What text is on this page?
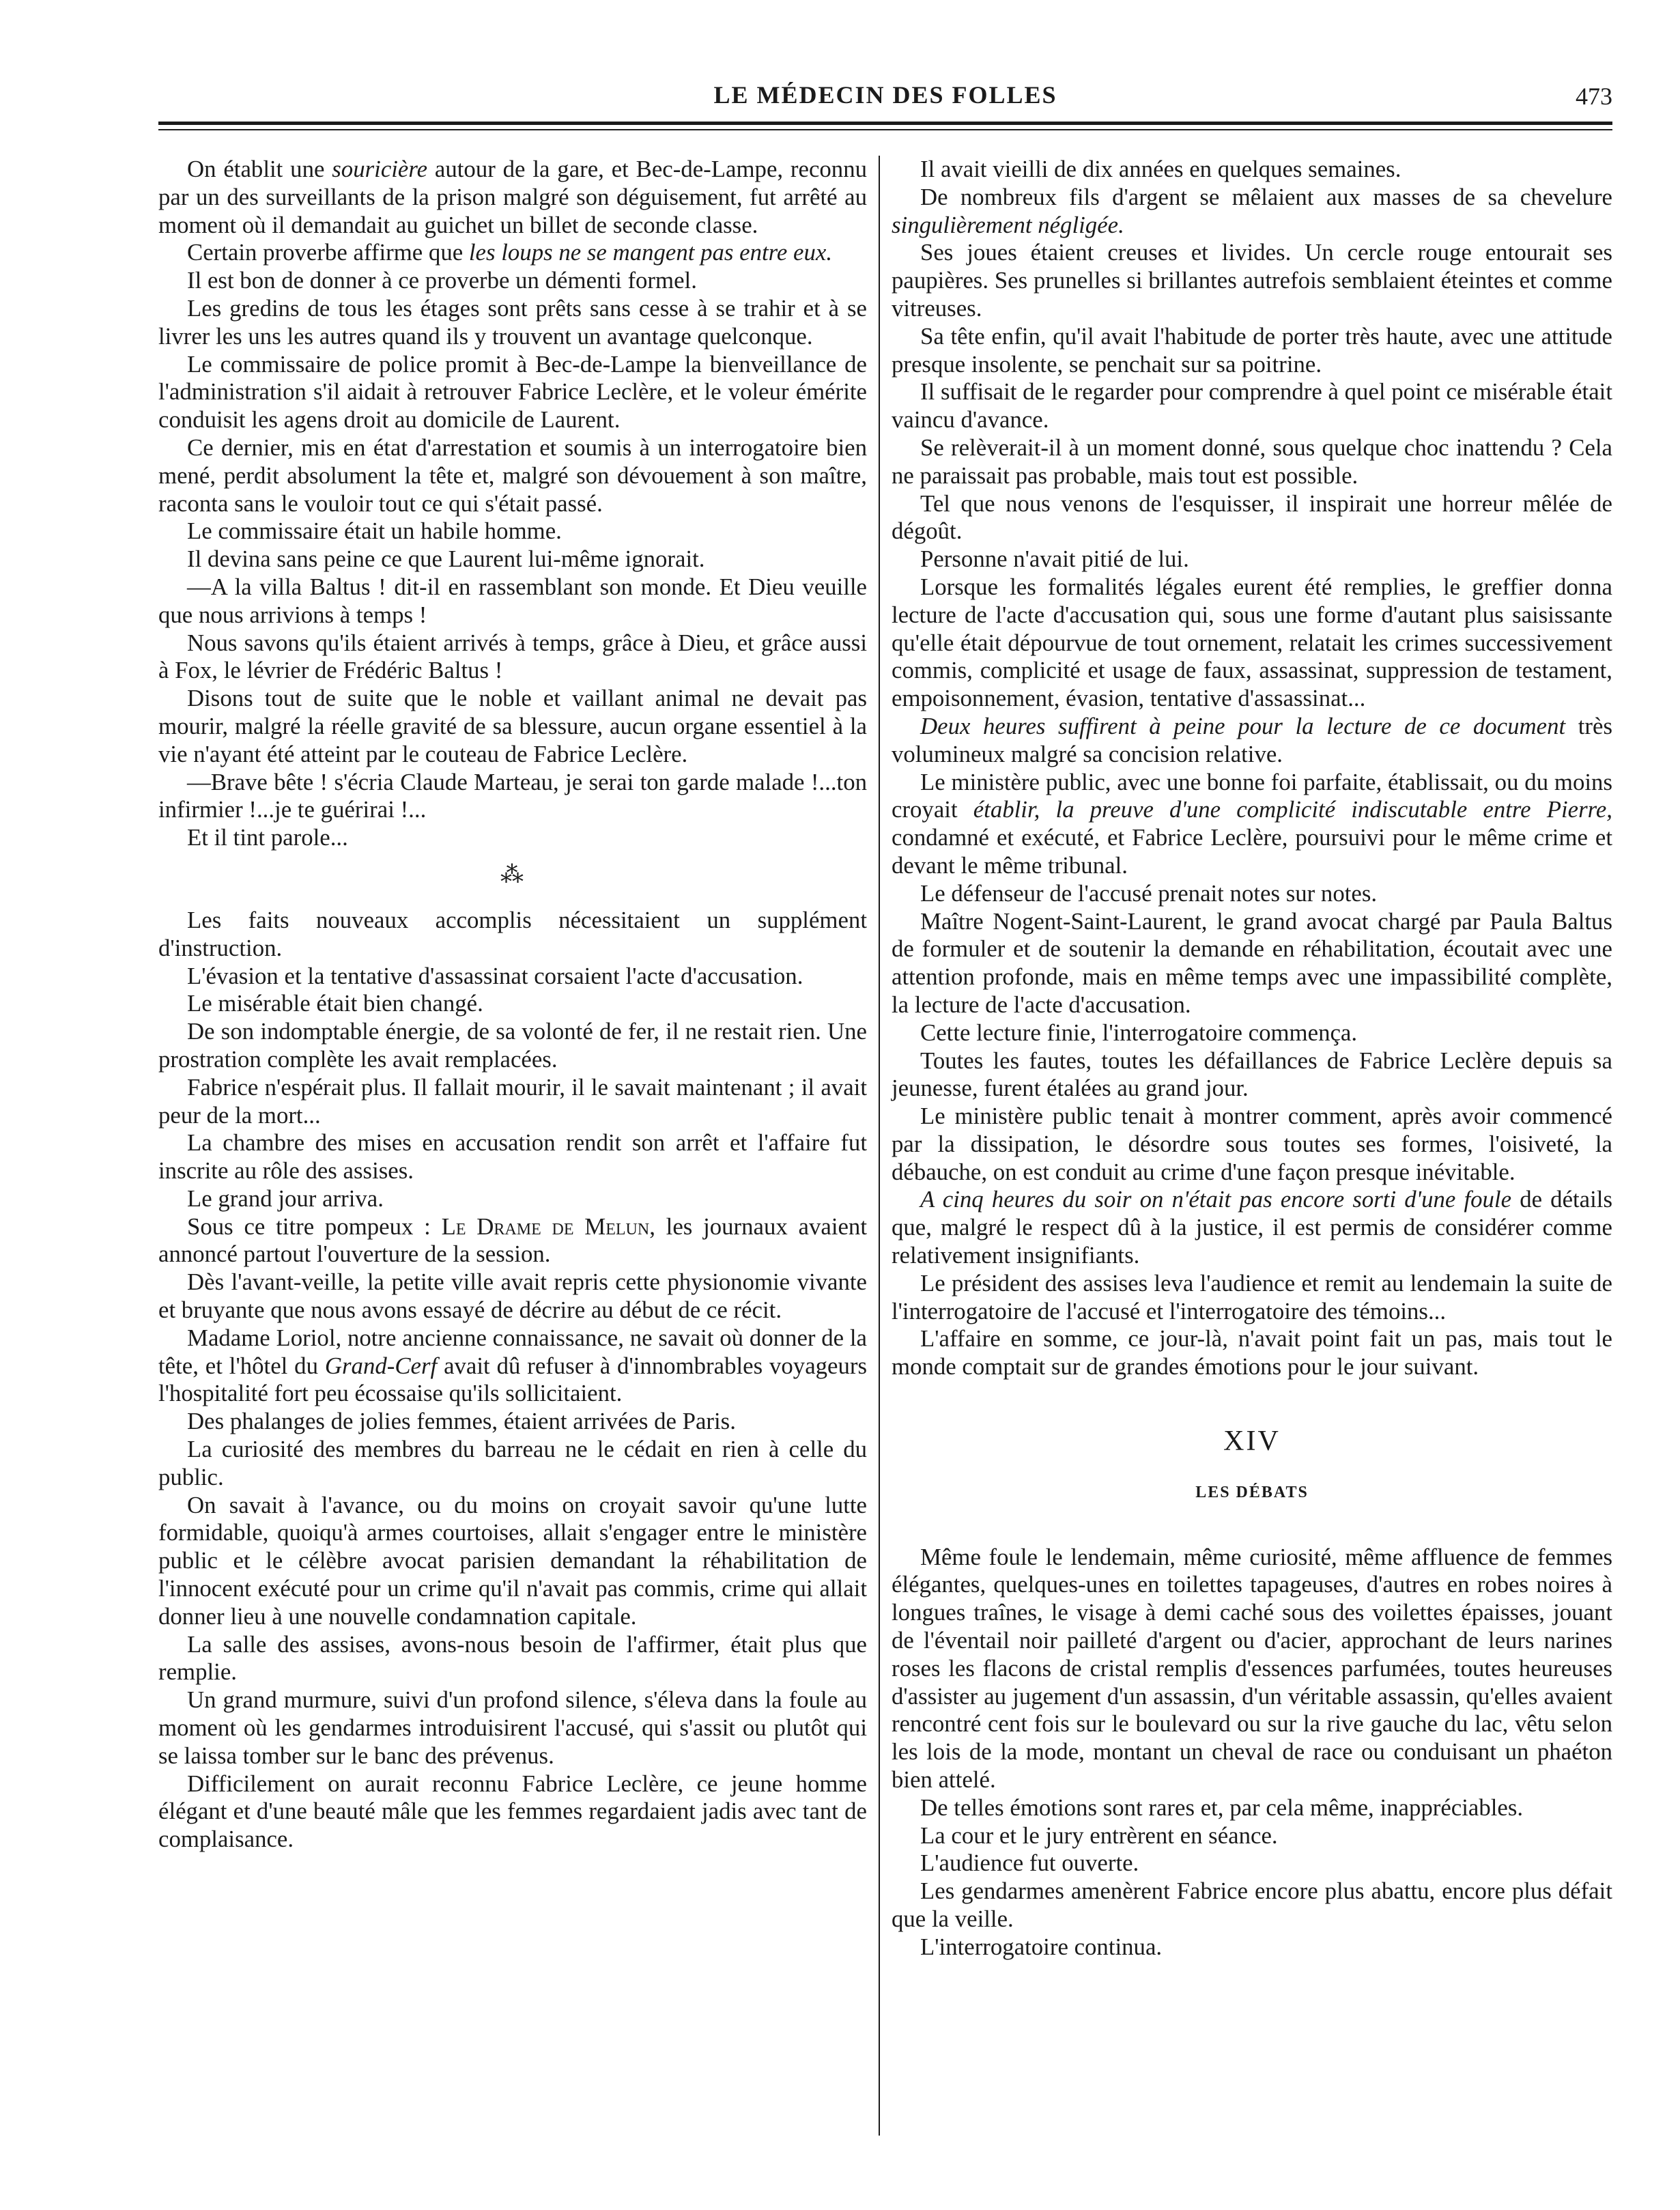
LE MÉDECIN DES FOLLES	473

On établit une souricière autour de la gare, et Bec-de-Lampe, reconnu par un des surveillants de la prison malgré son déguisement, fut arrêté au moment où il demandait au guichet un billet de seconde classe.

Certain proverbe affirme que les loups ne se mangent pas entre eux.

Il est bon de donner à ce proverbe un démenti formel.

Les gredins de tous les étages sont prêts sans cesse à se trahir et à se livrer les uns les autres quand ils y trouvent un avantage quelconque.

Le commissaire de police promit à Bec-de-Lampe la bienveillance de l'administration s'il aidait à retrouver Fabrice Leclère, et le voleur émérite conduisit les agens droit au domicile de Laurent.

Ce dernier, mis en état d'arrestation et soumis à un interrogatoire bien mené, perdit absolument la tête et, malgré son dévouement à son maître, raconta sans le vouloir tout ce qui s'était passé.

Le commissaire était un habile homme.

Il devina sans peine ce que Laurent lui-même ignorait.

—A la villa Baltus ! dit-il en rassemblant son monde. Et Dieu veuille que nous arrivions à temps !

Nous savons qu'ils étaient arrivés à temps, grâce à Dieu, et grâce aussi à Fox, le lévrier de Frédéric Baltus !

Disons tout de suite que le noble et vaillant animal ne devait pas mourir, malgré la réelle gravité de sa blessure, aucun organe essentiel à la vie n'ayant été atteint par le couteau de Fabrice Leclère.

—Brave bête ! s'écria Claude Marteau, je serai ton garde malade !...ton infirmier !...je te guérirai !...

Et il tint parole...

⁂

Les faits nouveaux accomplis nécessitaient un supplément d'instruction.

L'évasion et la tentative d'assassinat corsaient l'acte d'accusation.

Le misérable était bien changé.

De son indomptable énergie, de sa volonté de fer, il ne restait rien. Une prostration complète les avait remplacées.

Fabrice n'espérait plus. Il fallait mourir, il le savait maintenant ; il avait peur de la mort...

La chambre des mises en accusation rendit son arrêt et l'affaire fut inscrite au rôle des assises.

Le grand jour arriva.

Sous ce titre pompeux : Le Drame de Melun, les journaux avaient annoncé partout l'ouverture de la session.

Dès l'avant-veille, la petite ville avait repris cette physionomie vivante et bruyante que nous avons essayé de décrire au début de ce récit.

Madame Loriol, notre ancienne connaissance, ne savait où donner de la tête, et l'hôtel du Grand-Cerf avait dû refuser à d'innombrables voyageurs l'hospitalité fort peu écossaise qu'ils sollicitaient.

Des phalanges de jolies femmes, étaient arrivées de Paris.

La curiosité des membres du barreau ne le cédait en rien à celle du public.

On savait à l'avance, ou du moins on croyait savoir qu'une lutte formidable, quoiqu'à armes courtoises, allait s'engager entre le ministère public et le célèbre avocat parisien demandant la réhabilitation de l'innocent exécuté pour un crime qu'il n'avait pas commis, crime qui allait donner lieu à une nouvelle condamnation capitale.

La salle des assises, avons-nous besoin de l'affirmer, était plus que remplie.

Un grand murmure, suivi d'un profond silence, s'éleva dans la foule au moment où les gendarmes introduisirent l'accusé, qui s'assit ou plutôt qui se laissa tomber sur le banc des prévenus.

Difficilement on aurait reconnu Fabrice Leclère, ce jeune homme élégant et d'une beauté mâle que les femmes regardaient jadis avec tant de complaisance.

Il avait vieilli de dix années en quelques semaines.

De nombreux fils d'argent se mêlaient aux masses de sa chevelure singulièrement négligée.

Ses joues étaient creuses et livides. Un cercle rouge entourait ses paupières. Ses prunelles si brillantes autrefois semblaient éteintes et comme vitreuses.

Sa tête enfin, qu'il avait l'habitude de porter très haute, avec une attitude presque insolente, se penchait sur sa poitrine.

Il suffisait de le regarder pour comprendre à quel point ce misérable était vaincu d'avance.

Se relèverait-il à un moment donné, sous quelque choc inattendu ? Cela ne paraissait pas probable, mais tout est possible.

Tel que nous venons de l'esquisser, il inspirait une horreur mêlée de dégoût.

Personne n'avait pitié de lui.

Lorsque les formalités légales eurent été remplies, le greffier donna lecture de l'acte d'accusation qui, sous une forme d'autant plus saisissante qu'elle était dépourvue de tout ornement, relatait les crimes successivement commis, complicité et usage de faux, assassinat, suppression de testament, empoisonnement, évasion, tentative d'assassinat...

Deux heures suffirent à peine pour la lecture de ce document très volumineux malgré sa concision relative.

Le ministère public, avec une bonne foi parfaite, établissait, ou du moins croyait établir, la preuve d'une complicité indiscutable entre Pierre, condamné et exécuté, et Fabrice Leclère, poursuivi pour le même crime et devant le même tribunal.

Le défenseur de l'accusé prenait notes sur notes.

Maître Nogent-Saint-Laurent, le grand avocat chargé par Paula Baltus de formuler et de soutenir la demande en réhabilitation, écoutait avec une attention profonde, mais en même temps avec une impassibilité complète, la lecture de l'acte d'accusation.

Cette lecture finie, l'interrogatoire commença.

Toutes les fautes, toutes les défaillances de Fabrice Leclère depuis sa jeunesse, furent étalées au grand jour.

Le ministère public tenait à montrer comment, après avoir commencé par la dissipation, le désordre sous toutes ses formes, l'oisiveté, la débauche, on est conduit au crime d'une façon presque inévitable.

A cinq heures du soir on n'était pas encore sorti d'une foule de détails que, malgré le respect dû à la justice, il est permis de considérer comme relativement insignifiants.

Le président des assises leva l'audience et remit au lendemain la suite de l'interrogatoire de l'accusé et l'interrogatoire des témoins...

L'affaire en somme, ce jour-là, n'avait point fait un pas, mais tout le monde comptait sur de grandes émotions pour le jour suivant.

XIV
LES DÉBATS

Même foule le lendemain, même curiosité, même affluence de femmes élégantes, quelques-unes en toilettes tapageuses, d'autres en robes noires à longues traînes, le visage à demi caché sous des voilettes épaisses, jouant de l'éventail noir pailleté d'argent ou d'acier, approchant de leurs narines roses les flacons de cristal remplis d'essences parfumées, toutes heureuses d'assister au jugement d'un assassin, d'un véritable assassin, qu'elles avaient rencontré cent fois sur le boulevard ou sur la rive gauche du lac, vêtu selon les lois de la mode, montant un cheval de race ou conduisant un phaéton bien attelé.

De telles émotions sont rares et, par cela même, inappréciables.

La cour et le jury entrèrent en séance.

L'audience fut ouverte.

Les gendarmes amenèrent Fabrice encore plus abattu, encore plus défait que la veille.

L'interrogatoire continua.
